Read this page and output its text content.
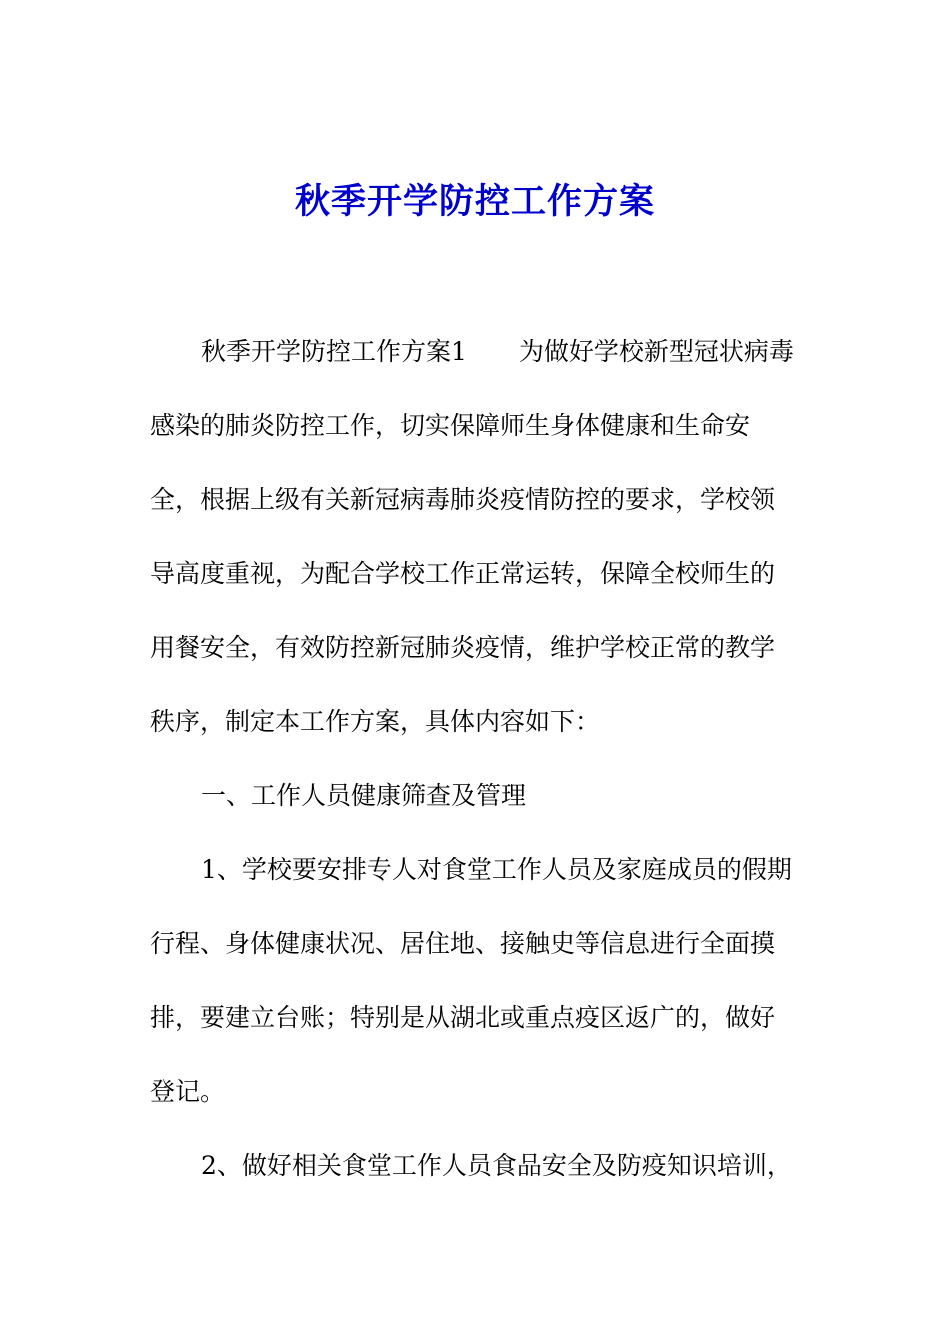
秋季开学防控工作方案
秋季开学防控工作方案1 为做好学校新型冠状病毒
感染的肺炎防控工作，切实保障师生身体健康和生命安
全，根据上级有关新冠病毒肺炎疫情防控的要求，学校领
导高度重视，为配合学校工作正常运转，保障全校师生的
用餐安全，有效防控新冠肺炎疫情，维护学校正常的教学
秩序，制定本工作方案，具体内容如下：
一、工作人员健康筛查及管理
1、学校要安排专人对食堂工作人员及家庭成员的假期
行程、身体健康状况、居住地、接触史等信息进行全面摸
排，要建立台账；特别是从湖北或重点疫区返广的，做好
登记。
2、做好相关食堂工作人员食品安全及防疫知识培训，
